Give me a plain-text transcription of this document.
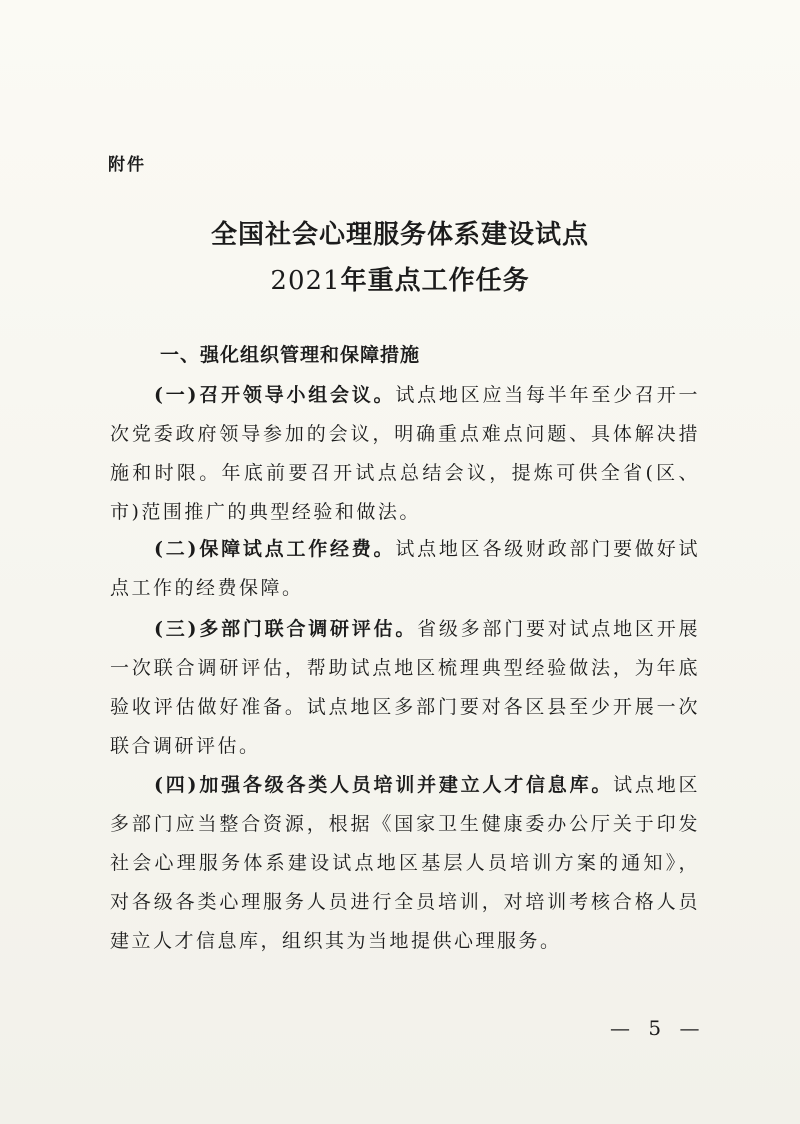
附件
全国社会心理服务体系建设试点
2021年重点工作任务
一、强化组织管理和保障措施

(一)召开领导小组会议。试点地区应当每半年至少召开一次党委政府领导参加的会议，明确重点难点问题、具体解决措施和时限。年底前要召开试点总结会议，提炼可供全省(区、市)范围推广的典型经验和做法。

(二)保障试点工作经费。试点地区各级财政部门要做好试点工作的经费保障。

(三)多部门联合调研评估。省级多部门要对试点地区开展一次联合调研评估，帮助试点地区梳理典型经验做法，为年底验收评估做好准备。试点地区多部门要对各区县至少开展一次联合调研评估。

(四)加强各级各类人员培训并建立人才信息库。试点地区多部门应当整合资源，根据《国家卫生健康委办公厅关于印发社会心理服务体系建设试点地区基层人员培训方案的通知》，对各级各类心理服务人员进行全员培训，对培训考核合格人员建立人才信息库，组织其为当地提供心理服务。

— 5 —
